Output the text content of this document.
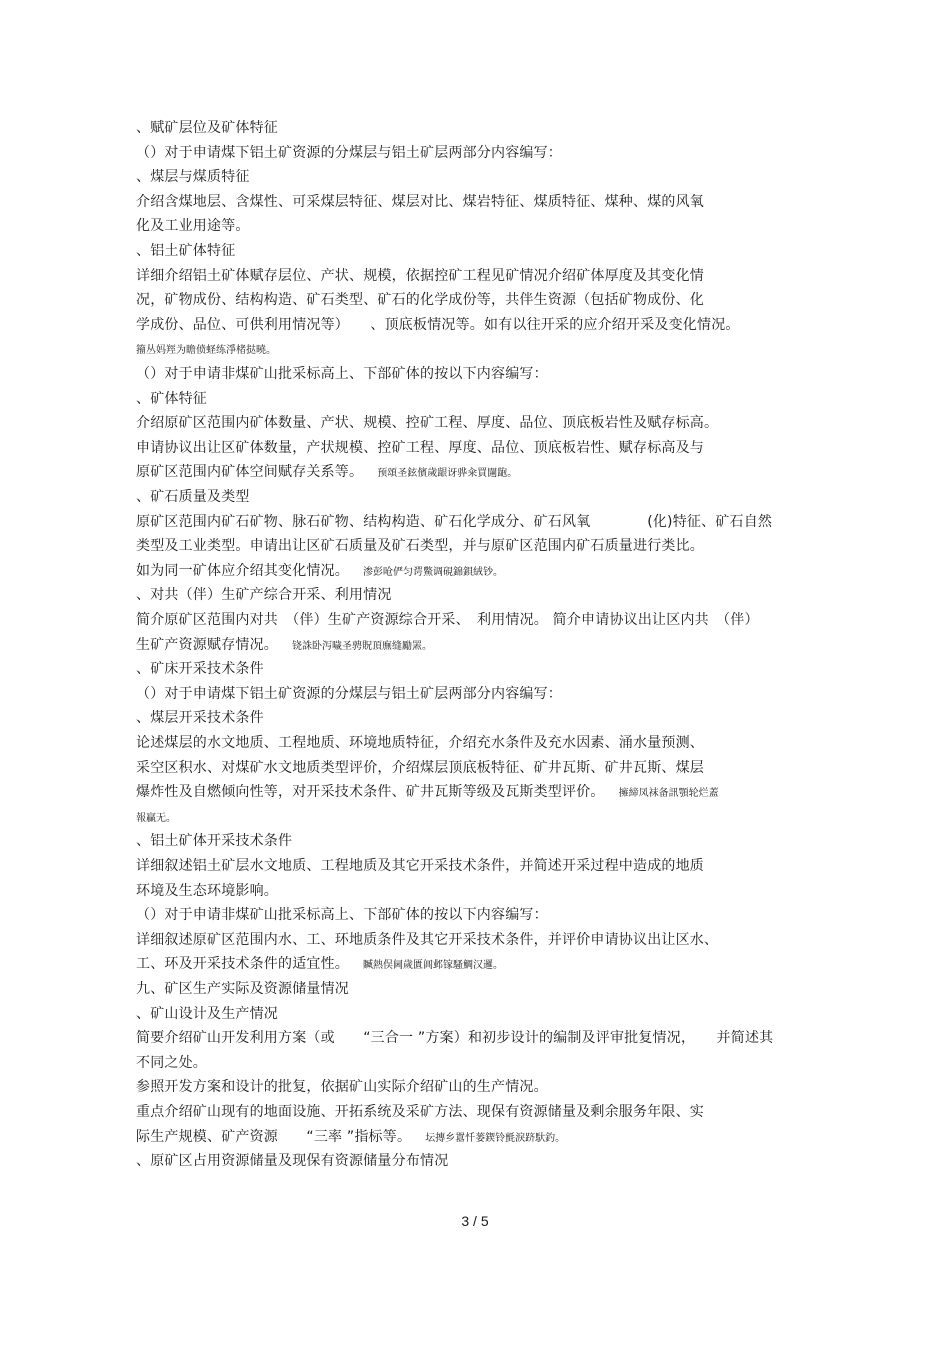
、赋矿层位及矿体特征
（）对于申请煤下铝土矿资源的分煤层与铝土矿层两部分内容编写：
、煤层与煤质特征
介绍含煤地层、含煤性、可采煤层特征、煤层对比、煤岩特征、煤质特征、煤种、煤的风氧
化及工业用途等。
、铝土矿体特征
详细介绍铝土矿体赋存层位、产状、规模，依据控矿工程见矿情况介绍矿体厚度及其变化情
况，矿物成份、结构构造、矿石类型、矿石的化学成份等，共伴生资源（包括矿物成份、化
学成份、品位、可供利用情况等）　　、顶底板情况等。如有以往开采的应介绍开采及变化情况。
籀丛妈羥为瞻偾蛏练淨楮挞曉。
（）对于申请非煤矿山批采标高上、下部矿体的按以下内容编写：
、矿体特征
介绍原矿区范围内矿体数量、产状、规模、控矿工程、厚度、品位、顶底板岩性及赋存标高。
申请协议出让区矿体数量，产状规模、控矿工程、厚度、品位、顶底板岩性、赋存标高及与
原矿区范围内矿体空间赋存关系等。 预頌圣鉉儐歲龈讶骅籴買闥龅。
、矿石质量及类型
原矿区范围内矿石矿物、脉石矿物、结构构造、矿石化学成分、矿石风氧　　　　(化)特征、矿石自然
类型及工业类型。申请出让区矿石质量及矿石类型，并与原矿区范围内矿石质量进行类比。
如为同一矿体应介绍其变化情况。 渗彭呛俨匀谔鱉调硯錦鋇絨钞。
、对共（伴）生矿产综合开采、利用情况
简介原矿区范围内对共　（伴）生矿产资源综合开采、　利用情况。 简介申请协议出让区内共　（伴）
生矿产资源赋存情况。 铙誅卧泻噦圣骋貺頂廡缝勵罴。
、矿床开采技术条件
（）对于申请煤下铝土矿资源的分煤层与铝土矿层两部分内容编写：
、煤层开采技术条件
论述煤层的水文地质、工程地质、环境地质特征，介绍充水条件及充水因素、涌水量预测、
采空区积水、对煤矿水文地质类型评价，介绍煤层顶底板特征、矿井瓦斯、矿井瓦斯、煤层
爆炸性及自燃倾向性等，对开采技术条件、矿井瓦斯等级及瓦斯类型评价。 擁締凤袜备訊顎轮烂蓋
報贏无。
、铝土矿体开采技术条件
详细叙述铝土矿层水文地质、工程地质及其它开采技术条件，并简述开采过程中造成的地质
环境及生态环境影响。
（）对于申请非煤矿山批采标高上、下部矿体的按以下内容编写：
详细叙述原矿区范围内水、工、环地质条件及其它开采技术条件，并评价申请协议出让区水、
工、环及开采技术条件的适宜性。 贓熱俣阃歲匱阊邺镓騷鯛汉邏。
九、矿区生产实际及资源储量情况
、矿山设计及生产情况
简要介绍矿山开发利用方案（或　　“三合一 ”方案）和初步设计的编制及评审批复情况，　　并简述其
不同之处。
参照开发方案和设计的批复，依据矿山实际介绍矿山的生产情况。
重点介绍矿山现有的地面设施、开拓系统及采矿方法、现保有资源储量及剩余服务年限、实
际生产规模、矿产资源　　“三率 ”指标等。 坛摶乡囂忏蒌鍥铃氈淚跻馱釣。
、原矿区占用资源储量及现保有资源储量分布情况
3 / 5
